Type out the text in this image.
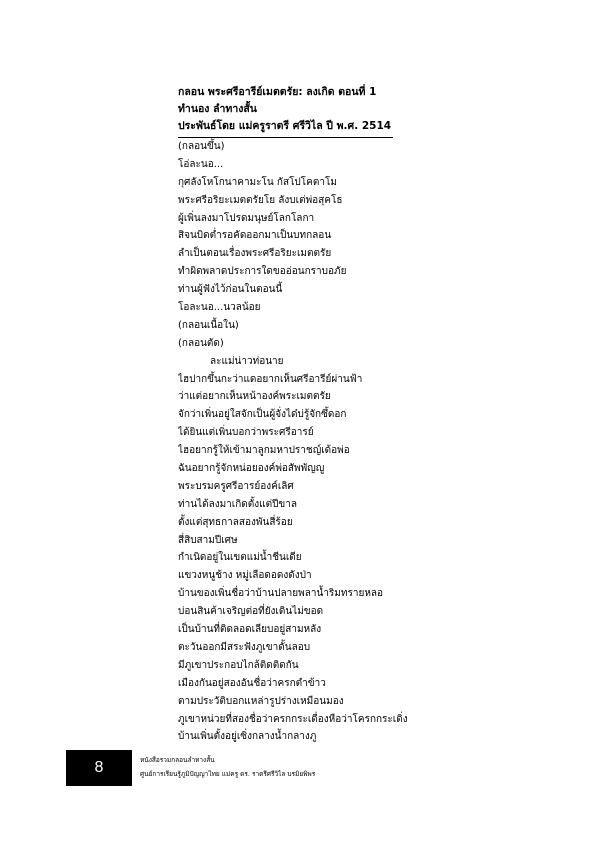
กลอน พระศรีอารีย์เมตตรัย: ลงเกิด ตอนที่ 1
ทำนอง ลำทางสั้น
ประพันธ์โดย แม่ครูราตรี ศรีวิไล ปี พ.ศ. 2514
(กลอนขึ้น)
โอ่ละนอ...
กุศลังโหโกนาคามะโน กัสโปโคตาโม
พระศรีอริยะเมตตรัยโย ลังบเต่พ่อสุคโธ
ผู้เพิ่นลงมาโปรดมนุษย์โลกโลกา
สิจนบิดต่ำรอคัดออกมาเป็นบทกลอน
ลำเป็นตอนเรื่องพระศรีอริยะเมตตรัย
ทำผิดพลาดประการใดขออ่อนกราบอภัย
ท่านผู้ฟังไว้ก่อนในตอนนี้
โอละนอ...นวลน้อย
(กลอนเนื้อใน)
(กลอนตัด)
ละแม่น่าวท่อนาย
ไฮปากขึ้นกะว่าแดอยากเห็นศรีอารีย์ผ่านฟ้า
ว่าแต่อยากเห็นหน้าองค์พระเมตตรัย
จักว่าเพิ่นอยู่ใสจักเป็นผู้จั่งได๋บ่รู้จักซึ้ดอก
ได้ยินแต่เพิ่นบอกว่าพระศรีอารย์
ไฮอยากรู้ให้เข้ามาลูกมหาปราชญ์เด้อพ่อ
ฉันอยากรู้จักหน่อยองค์พ่อสัพพัญญู
พระบรมครูศรีอารย์องค์เลิศ
ท่านได้ลงมาเกิดตั้งแต่ปีขาล
ตั้งแต่สุทธกาลสองพันสี่ร้อย
สี่สิบสามปีเศษ
กำเนิดอยู่ในเขตแม่น้ำชีนเดีย
แขวงหนูช้าง หมู่เลือดอดงดังป่า
บ้านของเพิ่นชื่อว่าบ้านปลายพลาน้ำริมทรายหลอ
บ่อนสินค้าเจริญต่อที่ยังเดินไม่ขอด
เป็นบ้านที่ติดลอดเลียบอยู่สามหลัง
ตะวันออกมีสระฟังภูเขาดั้นลอบ
มีภูเขาประกอบไกล้ติดติดกัน
เมืองกันอยู่สองอันชื่อว่าครกตำข้าว
ตามประวัติบอกแหล่ารูปร่างเหมือนมอง
ภูเขาหน่วยที่สองชื่อว่าครกกระเดื่องหือว่าโครกกระเดิ่ง
บ้านเพิ่นตั้งอยู่เซิ่งกลางน้ำกลางภู
8	หนังสือรวมกลอนลำทางสั้น
ศูนย์การเรียนรู้ภูมิปัญญาไทย แม่ครู ดร. ราตรีศรีวิไล บรมิยพิพร
